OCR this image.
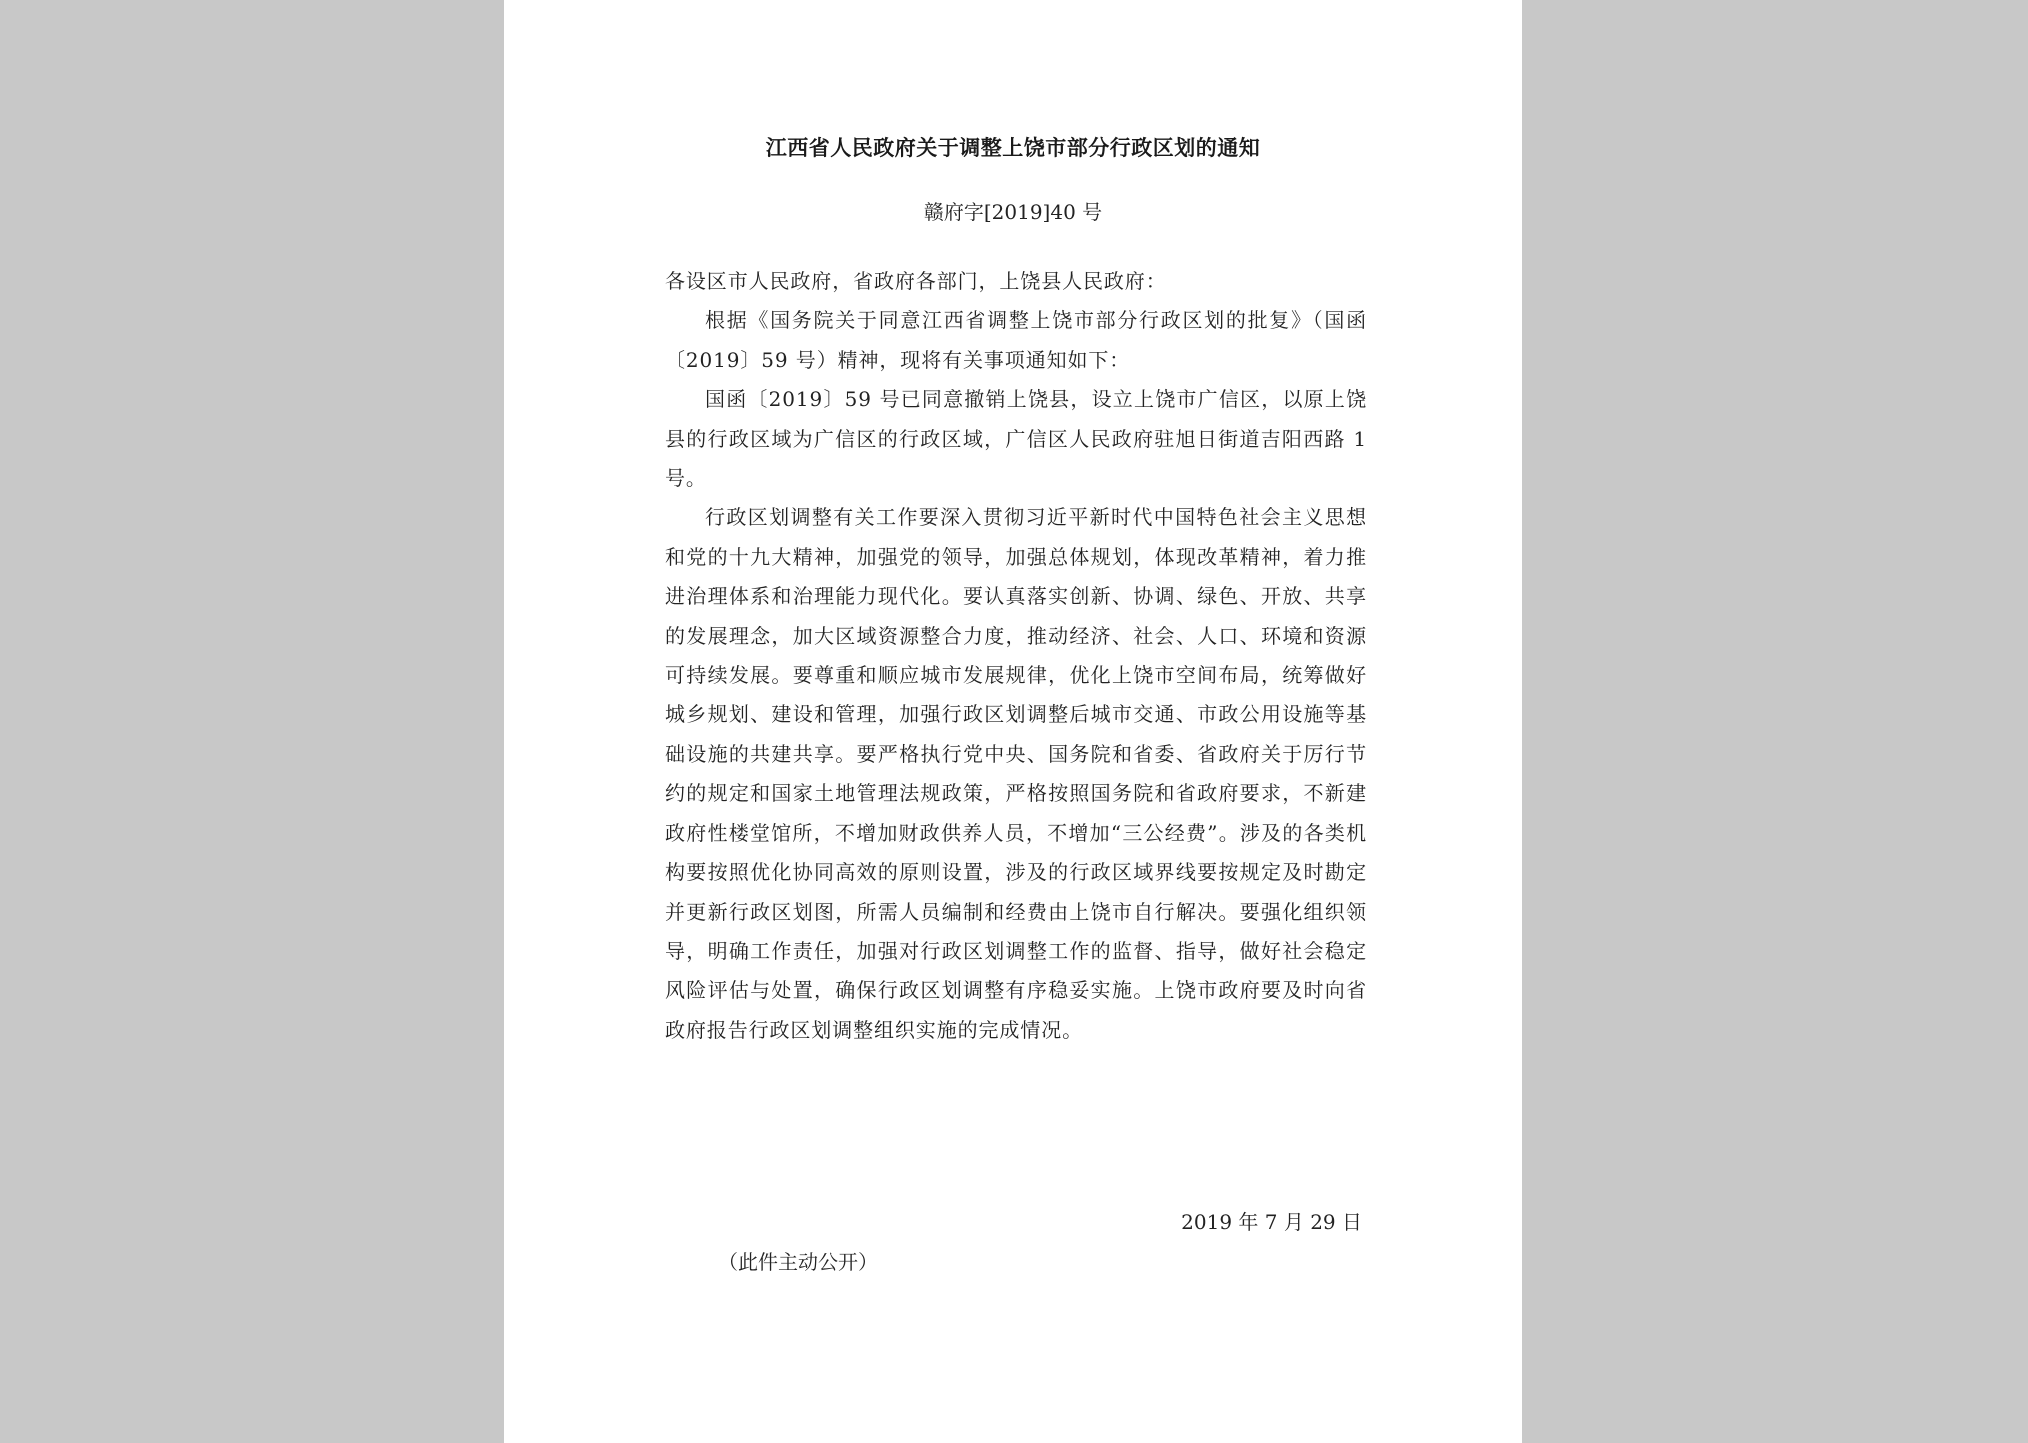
江西省人民政府关于调整上饶市部分行政区划的通知
赣府字[2019]40 号

各设区市人民政府，省政府各部门，上饶县人民政府：

根据《国务院关于同意江西省调整上饶市部分行政区划的批复》（国函〔2019〕59 号）精神，现将有关事项通知如下：

国函〔2019〕59 号已同意撤销上饶县，设立上饶市广信区，以原上饶县的行政区域为广信区的行政区域，广信区人民政府驻旭日街道吉阳西路 1 号。

行政区划调整有关工作要深入贯彻习近平新时代中国特色社会主义思想和党的十九大精神，加强党的领导，加强总体规划，体现改革精神，着力推进治理体系和治理能力现代化。要认真落实创新、协调、绿色、开放、共享的发展理念，加大区域资源整合力度，推动经济、社会、人口、环境和资源可持续发展。要尊重和顺应城市发展规律，优化上饶市空间布局，统筹做好城乡规划、建设和管理，加强行政区划调整后城市交通、市政公用设施等基础设施的共建共享。要严格执行党中央、国务院和省委、省政府关于厉行节约的规定和国家土地管理法规政策，严格按照国务院和省政府要求，不新建政府性楼堂馆所，不增加财政供养人员，不增加“三公经费”。涉及的各类机构要按照优化协同高效的原则设置，涉及的行政区域界线要按规定及时勘定并更新行政区划图，所需人员编制和经费由上饶市自行解决。要强化组织领导，明确工作责任，加强对行政区划调整工作的监督、指导，做好社会稳定风险评估与处置，确保行政区划调整有序稳妥实施。上饶市政府要及时向省政府报告行政区划调整组织实施的完成情况。

2019 年 7 月 29 日
（此件主动公开）
